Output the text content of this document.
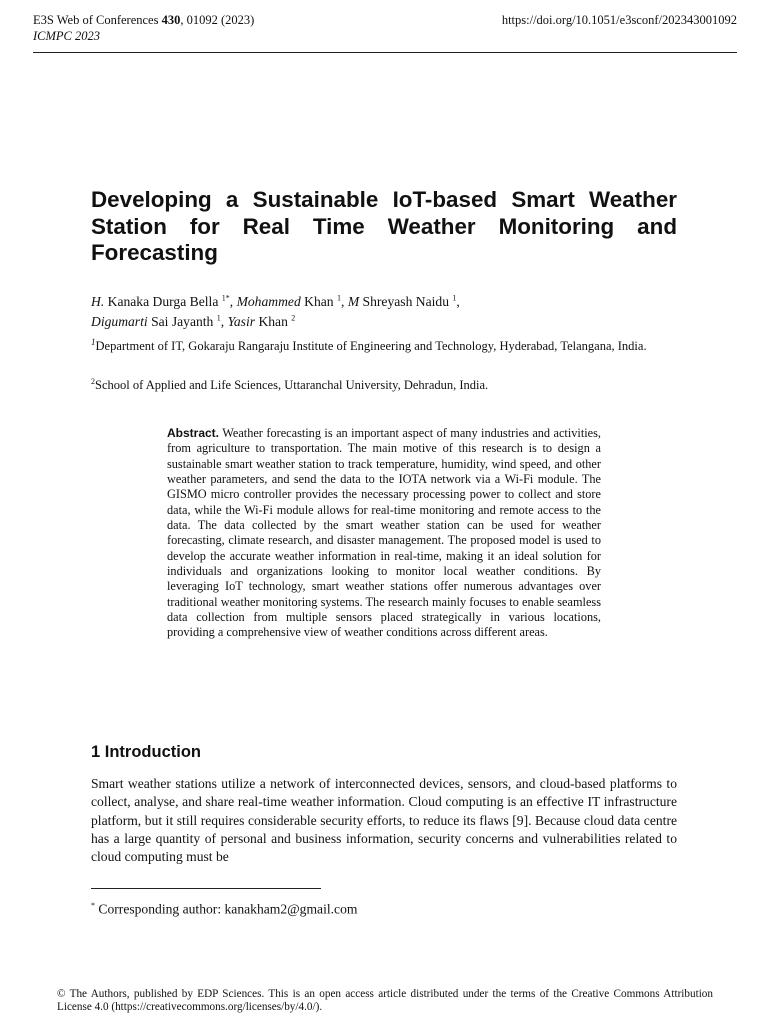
E3S Web of Conferences 430, 01092 (2023)
ICMPC 2023
https://doi.org/10.1051/e3sconf/202343001092
Developing a Sustainable IoT-based Smart Weather Station for Real Time Weather Monitoring and Forecasting
H. Kanaka Durga Bella $^{1*}$, Mohammed Khan $^1$, M Shreyash Naidu $^1$,
Digumarti Sai Jayanth $^1$, Yasir Khan $^2$
$^1$Department of IT, Gokaraju Rangaraju Institute of Engineering and Technology, Hyderabad, Telangana, India.
$^2$School of Applied and Life Sciences, Uttaranchal University, Dehradun, India.

Abstract. Weather forecasting is an important aspect of many industries and activities, from agriculture to transportation. The main motive of this research is to design a sustainable smart weather station to track temperature, humidity, wind speed, and other weather parameters, and send the data to the IOTA network via a Wi-Fi module. The GISMO micro controller provides the necessary processing power to collect and store data, while the Wi-Fi module allows for real-time monitoring and remote access to the data. The data collected by the smart weather station can be used for weather forecasting, climate research, and disaster management. The proposed model is used to develop the accurate weather information in real-time, making it an ideal solution for individuals and organizations looking to monitor local weather conditions. By leveraging IoT technology, smart weather stations offer numerous advantages over traditional weather monitoring systems. The research mainly focuses to enable seamless data collection from multiple sensors placed strategically in various locations, providing a comprehensive view of weather conditions across different areas.

1 Introduction

Smart weather stations utilize a network of interconnected devices, sensors, and cloud-based platforms to collect, analyse, and share real-time weather information. Cloud computing is an effective IT infrastructure platform, but it still requires considerable security efforts, to reduce its flaws [9]. Because cloud data centre has a large quantity of personal and business information, security concerns and vulnerabilities related to cloud computing must be

* Corresponding author: kanakham2@gmail.com

© The Authors, published by EDP Sciences. This is an open access article distributed under the terms of the Creative Commons Attribution License 4.0 (https://creativecommons.org/licenses/by/4.0/).
